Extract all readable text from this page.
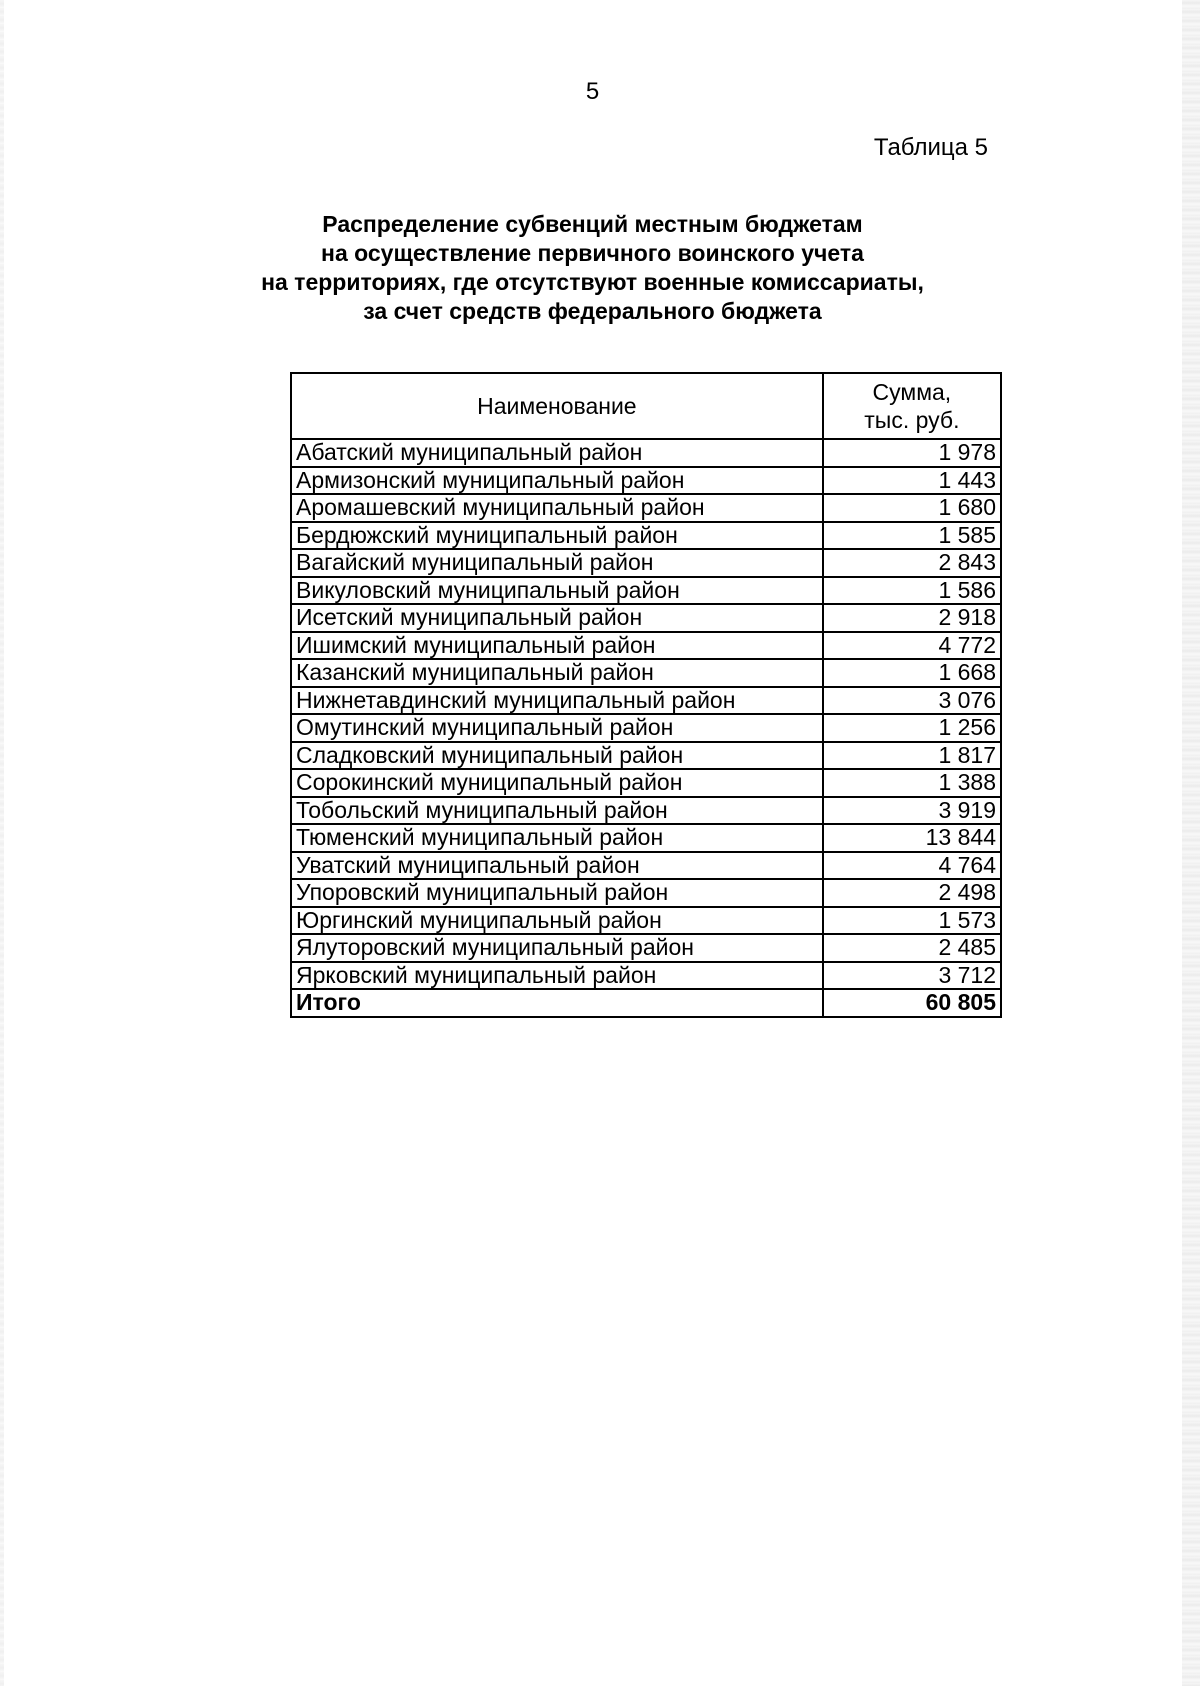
5
Таблица 5
Распределение субвенций местным бюджетам
на осуществление первичного воинского учета
на территориях, где отсутствуют военные комиссариаты,
за счет средств федерального бюджета
Наименование	Сумма,
тыс. руб.

Абатский муниципальный район	1 978
Армизонский муниципальный район	1 443
Аромашевский муниципальный район	1 680
Бердюжский муниципальный район	1 585
Вагайский муниципальный район	2 843
Викуловский муниципальный район	1 586
Исетский муниципальный район	2 918
Ишимский муниципальный район	4 772
Казанский муниципальный район	1 668
Нижнетавдинский муниципальный район	3 076
Омутинский муниципальный район	1 256
Сладковский муниципальный район	1 817
Сорокинский муниципальный район	1 388
Тобольский муниципальный район	3 919
Тюменский муниципальный район	13 844
Уватский муниципальный район	4 764
Упоровский муниципальный район	2 498
Юргинский муниципальный район	1 573
Ялуторовский муниципальный район	2 485
Ярковский муниципальный район	3 712
Итого	60 805
